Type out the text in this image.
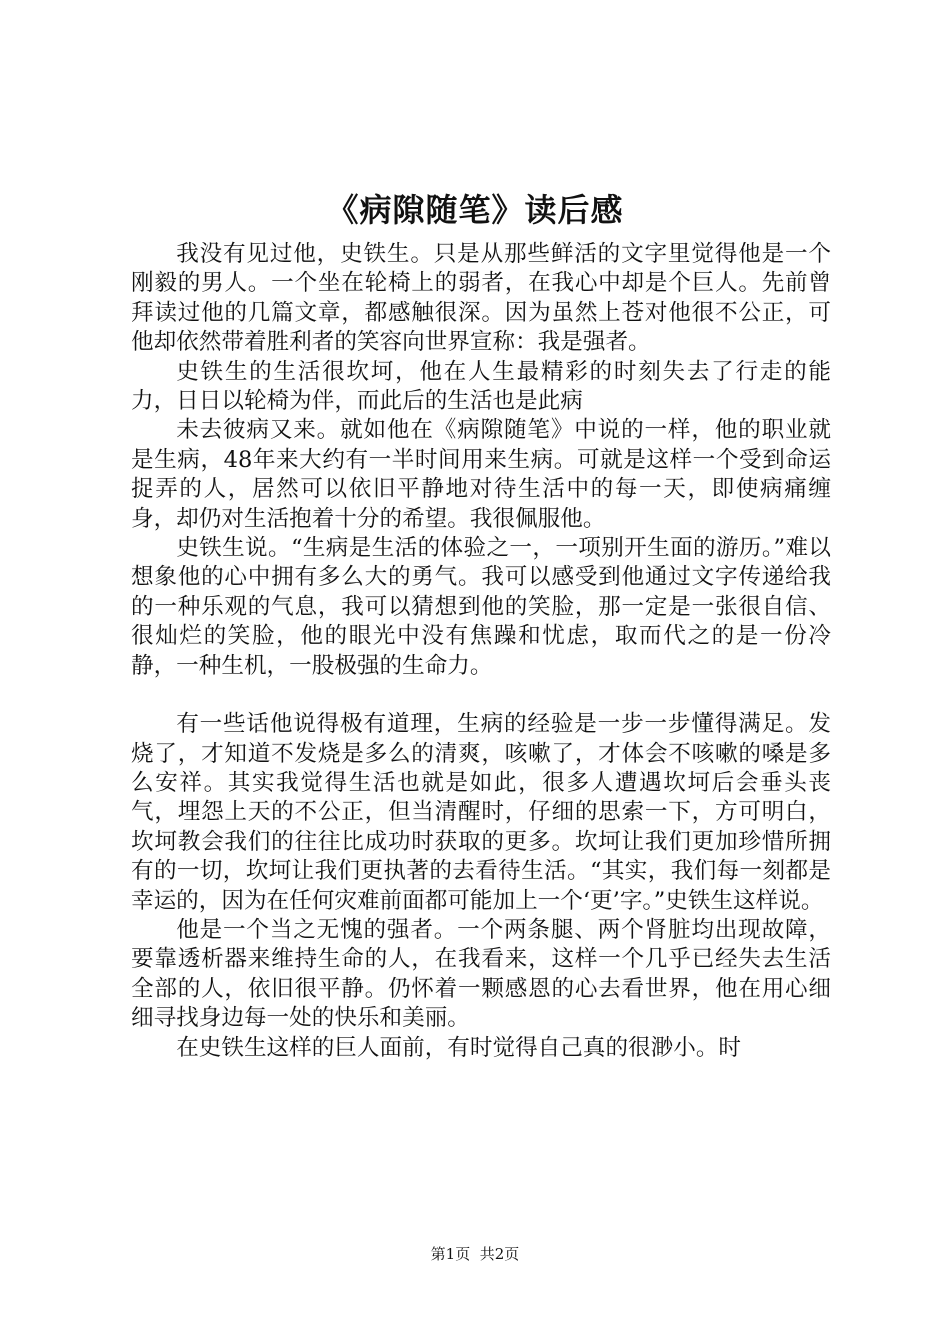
《病隙随笔》读后感

我没有见过他，史铁生。只是从那些鲜活的文字里觉得他是一个刚毅的男人。一个坐在轮椅上的弱者，在我心中却是个巨人。先前曾拜读过他的几篇文章，都感触很深。因为虽然上苍对他很不公正，可他却依然带着胜利者的笑容向世界宣称：我是强者。

史铁生的生活很坎坷，他在人生最精彩的时刻失去了行走的能力，日日以轮椅为伴，而此后的生活也是此病

未去彼病又来。就如他在《病隙随笔》中说的一样，他的职业就是生病，48年来大约有一半时间用来生病。可就是这样一个受到命运捉弄的人，居然可以依旧平静地对待生活中的每一天，即使病痛缠身，却仍对生活抱着十分的希望。我很佩服他。

史铁生说。“生病是生活的体验之一，一项别开生面的游历。”难以想象他的心中拥有多么大的勇气。我可以感受到他通过文字传递给我的一种乐观的气息，我可以猜想到他的笑脸，那一定是一张很自信、很灿烂的笑脸，他的眼光中没有焦躁和忧虑，取而代之的是一份冷静，一种生机，一股极强的生命力。

有一些话他说得极有道理，生病的经验是一步一步懂得满足。发烧了，才知道不发烧是多么的清爽，咳嗽了，才体会不咳嗽的嗓是多么安祥。其实我觉得生活也就是如此，很多人遭遇坎坷后会垂头丧气，埋怨上天的不公正，但当清醒时，仔细的思索一下，方可明白，坎坷教会我们的往往比成功时获取的更多。坎坷让我们更加珍惜所拥有的一切，坎坷让我们更执著的去看待生活。“其实，我们每一刻都是幸运的，因为在任何灾难前面都可能加上一个‘更’字。”史铁生这样说。

他是一个当之无愧的强者。一个两条腿、两个肾脏均出现故障，要靠透析器来维持生命的人，在我看来，这样一个几乎已经失去生活全部的人，依旧很平静。仍怀着一颗感恩的心去看世界，他在用心细细寻找身边每一处的快乐和美丽。

在史铁生这样的巨人面前，有时觉得自己真的很渺小。时

第1页 共2页
